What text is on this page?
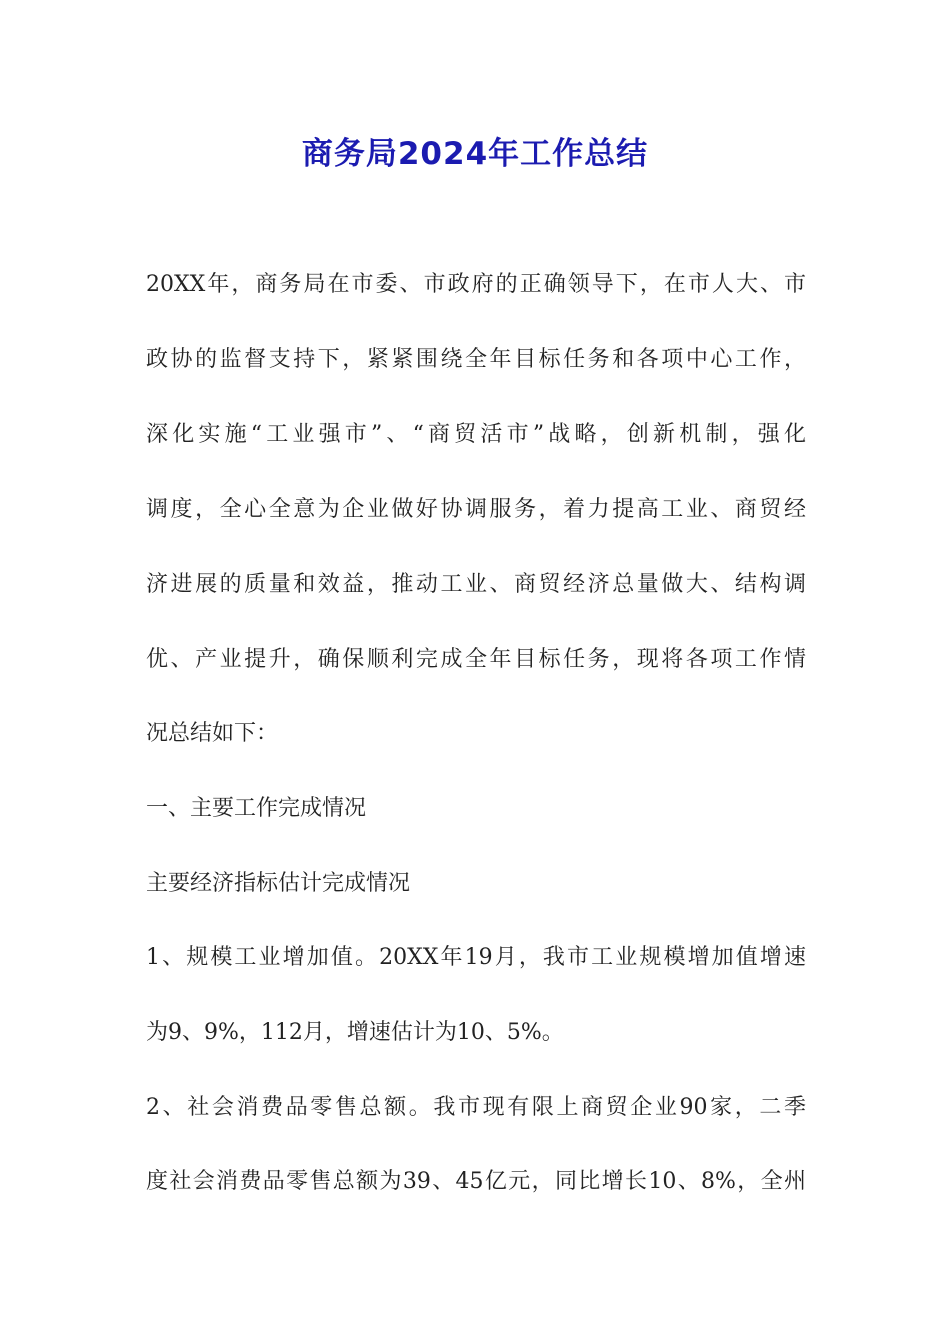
商务局2024年工作总结
20XX年，商务局在市委、市政府的正确领导下，在市人大、市
政协的监督支持下，紧紧围绕全年目标任务和各项中心工作，
深化实施“工业强市”、“商贸活市”战略，创新机制，强化
调度，全心全意为企业做好协调服务，着力提高工业、商贸经
济进展的质量和效益，推动工业、商贸经济总量做大、结构调
优、产业提升，确保顺利完成全年目标任务，现将各项工作情
况总结如下：
一、主要工作完成情况
主要经济指标估计完成情况
1、规模工业增加值。20XX年19月，我市工业规模增加值增速
为9、9%，112月，增速估计为10、5%。
2、社会消费品零售总额。我市现有限上商贸企业90家，二季
度社会消费品零售总额为39、45亿元，同比增长10、8%，全州
